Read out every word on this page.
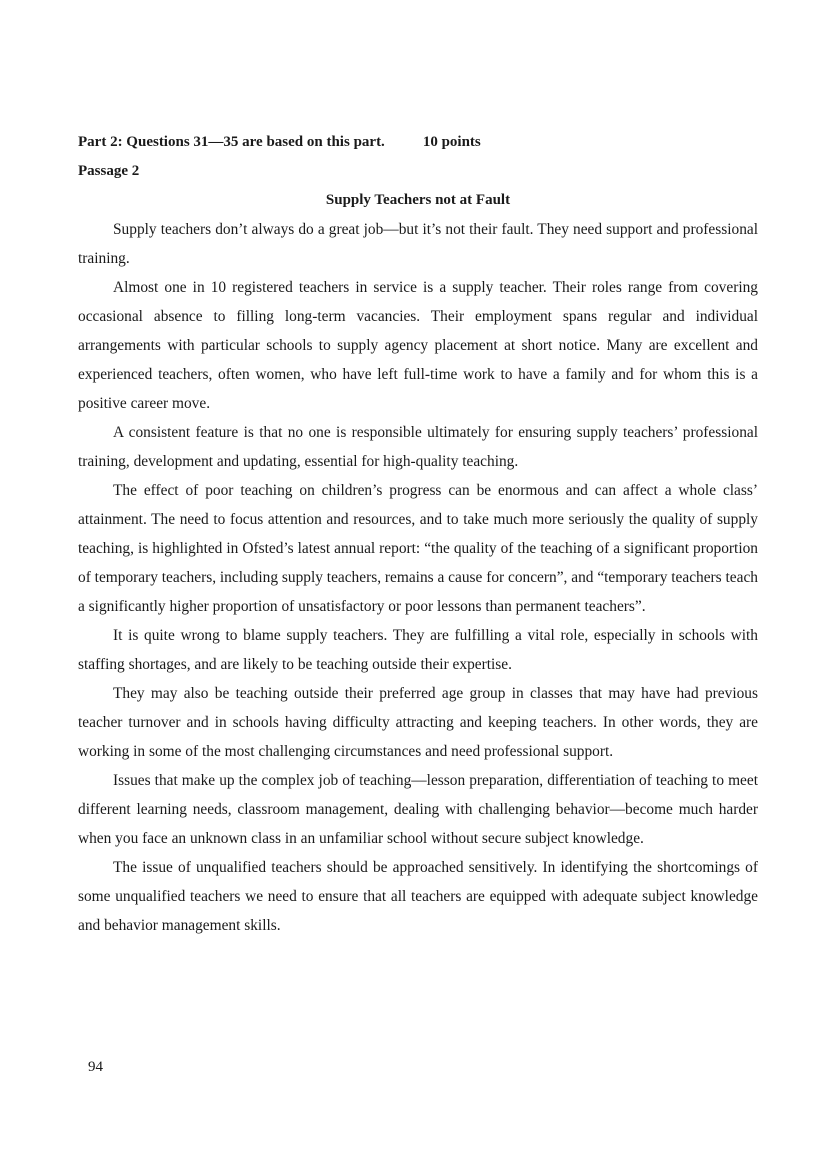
Part 2: Questions 31—35 are based on this part.	10 points
Passage 2
Supply Teachers not at Fault

Supply teachers don’t always do a great job—but it’s not their fault. They need support and professional training.

Almost one in 10 registered teachers in service is a supply teacher. Their roles range from covering occasional absence to filling long-term vacancies. Their employment spans regular and individual arrangements with particular schools to supply agency placement at short notice. Many are excellent and experienced teachers, often women, who have left full-time work to have a family and for whom this is a positive career move.

A consistent feature is that no one is responsible ultimately for ensuring supply teachers’ professional training, development and updating, essential for high-quality teaching.

The effect of poor teaching on children’s progress can be enormous and can affect a whole class’ attainment. The need to focus attention and resources, and to take much more seriously the quality of supply teaching, is highlighted in Ofsted’s latest annual report: “the quality of the teaching of a significant proportion of temporary teachers, including supply teachers, remains a cause for concern”, and “temporary teachers teach a significantly higher proportion of unsatisfactory or poor lessons than permanent teachers”.

It is quite wrong to blame supply teachers. They are fulfilling a vital role, especially in schools with staffing shortages, and are likely to be teaching outside their expertise.

They may also be teaching outside their preferred age group in classes that may have had previous teacher turnover and in schools having difficulty attracting and keeping teachers. In other words, they are working in some of the most challenging circumstances and need professional support.

Issues that make up the complex job of teaching—lesson preparation, differentiation of teaching to meet different learning needs, classroom management, dealing with challenging behavior—become much harder when you face an unknown class in an unfamiliar school without secure subject knowledge.

The issue of unqualified teachers should be approached sensitively. In identifying the shortcomings of some unqualified teachers we need to ensure that all teachers are equipped with adequate subject knowledge and behavior management skills.

94
